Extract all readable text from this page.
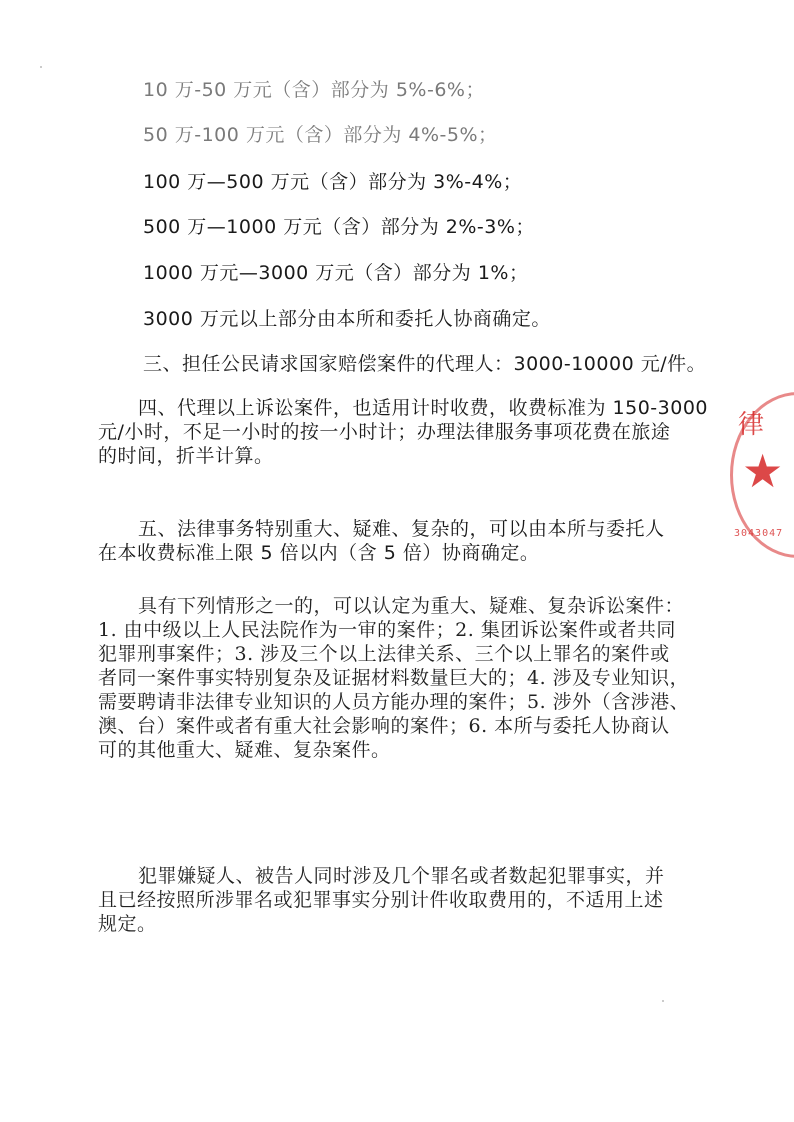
10 万-50 万元（含）部分为 5%-6%；
50 万-100 万元（含）部分为 4%-5%；
100 万—500 万元（含）部分为 3%-4%；
500 万—1000 万元（含）部分为 2%-3%；
1000 万元—3000 万元（含）部分为 1%；
3000 万元以上部分由本所和委托人协商确定。
三、担任公民请求国家赔偿案件的代理人：3000-10000 元/件。
四、代理以上诉讼案件，也适用计时收费，收费标准为 150-3000
元/小时，不足一小时的按一小时计；办理法律服务事项花费在旅途
的时间，折半计算。
五、法律事务特别重大、疑难、复杂的，可以由本所与委托人
在本收费标准上限 5 倍以内（含 5 倍）协商确定。
具有下列情形之一的，可以认定为重大、疑难、复杂诉讼案件：
1. 由中级以上人民法院作为一审的案件；2. 集团诉讼案件或者共同
犯罪刑事案件；3. 涉及三个以上法律关系、三个以上罪名的案件或
者同一案件事实特别复杂及证据材料数量巨大的；4. 涉及专业知识，
需要聘请非法律专业知识的人员方能办理的案件；5. 涉外（含涉港、
澳、台）案件或者有重大社会影响的案件；6. 本所与委托人协商认
可的其他重大、疑难、复杂案件。
犯罪嫌疑人、被告人同时涉及几个罪名或者数起犯罪事实，并
且已经按照所涉罪名或犯罪事实分别计件收取费用的，不适用上述
规定。
律
★
3043047
